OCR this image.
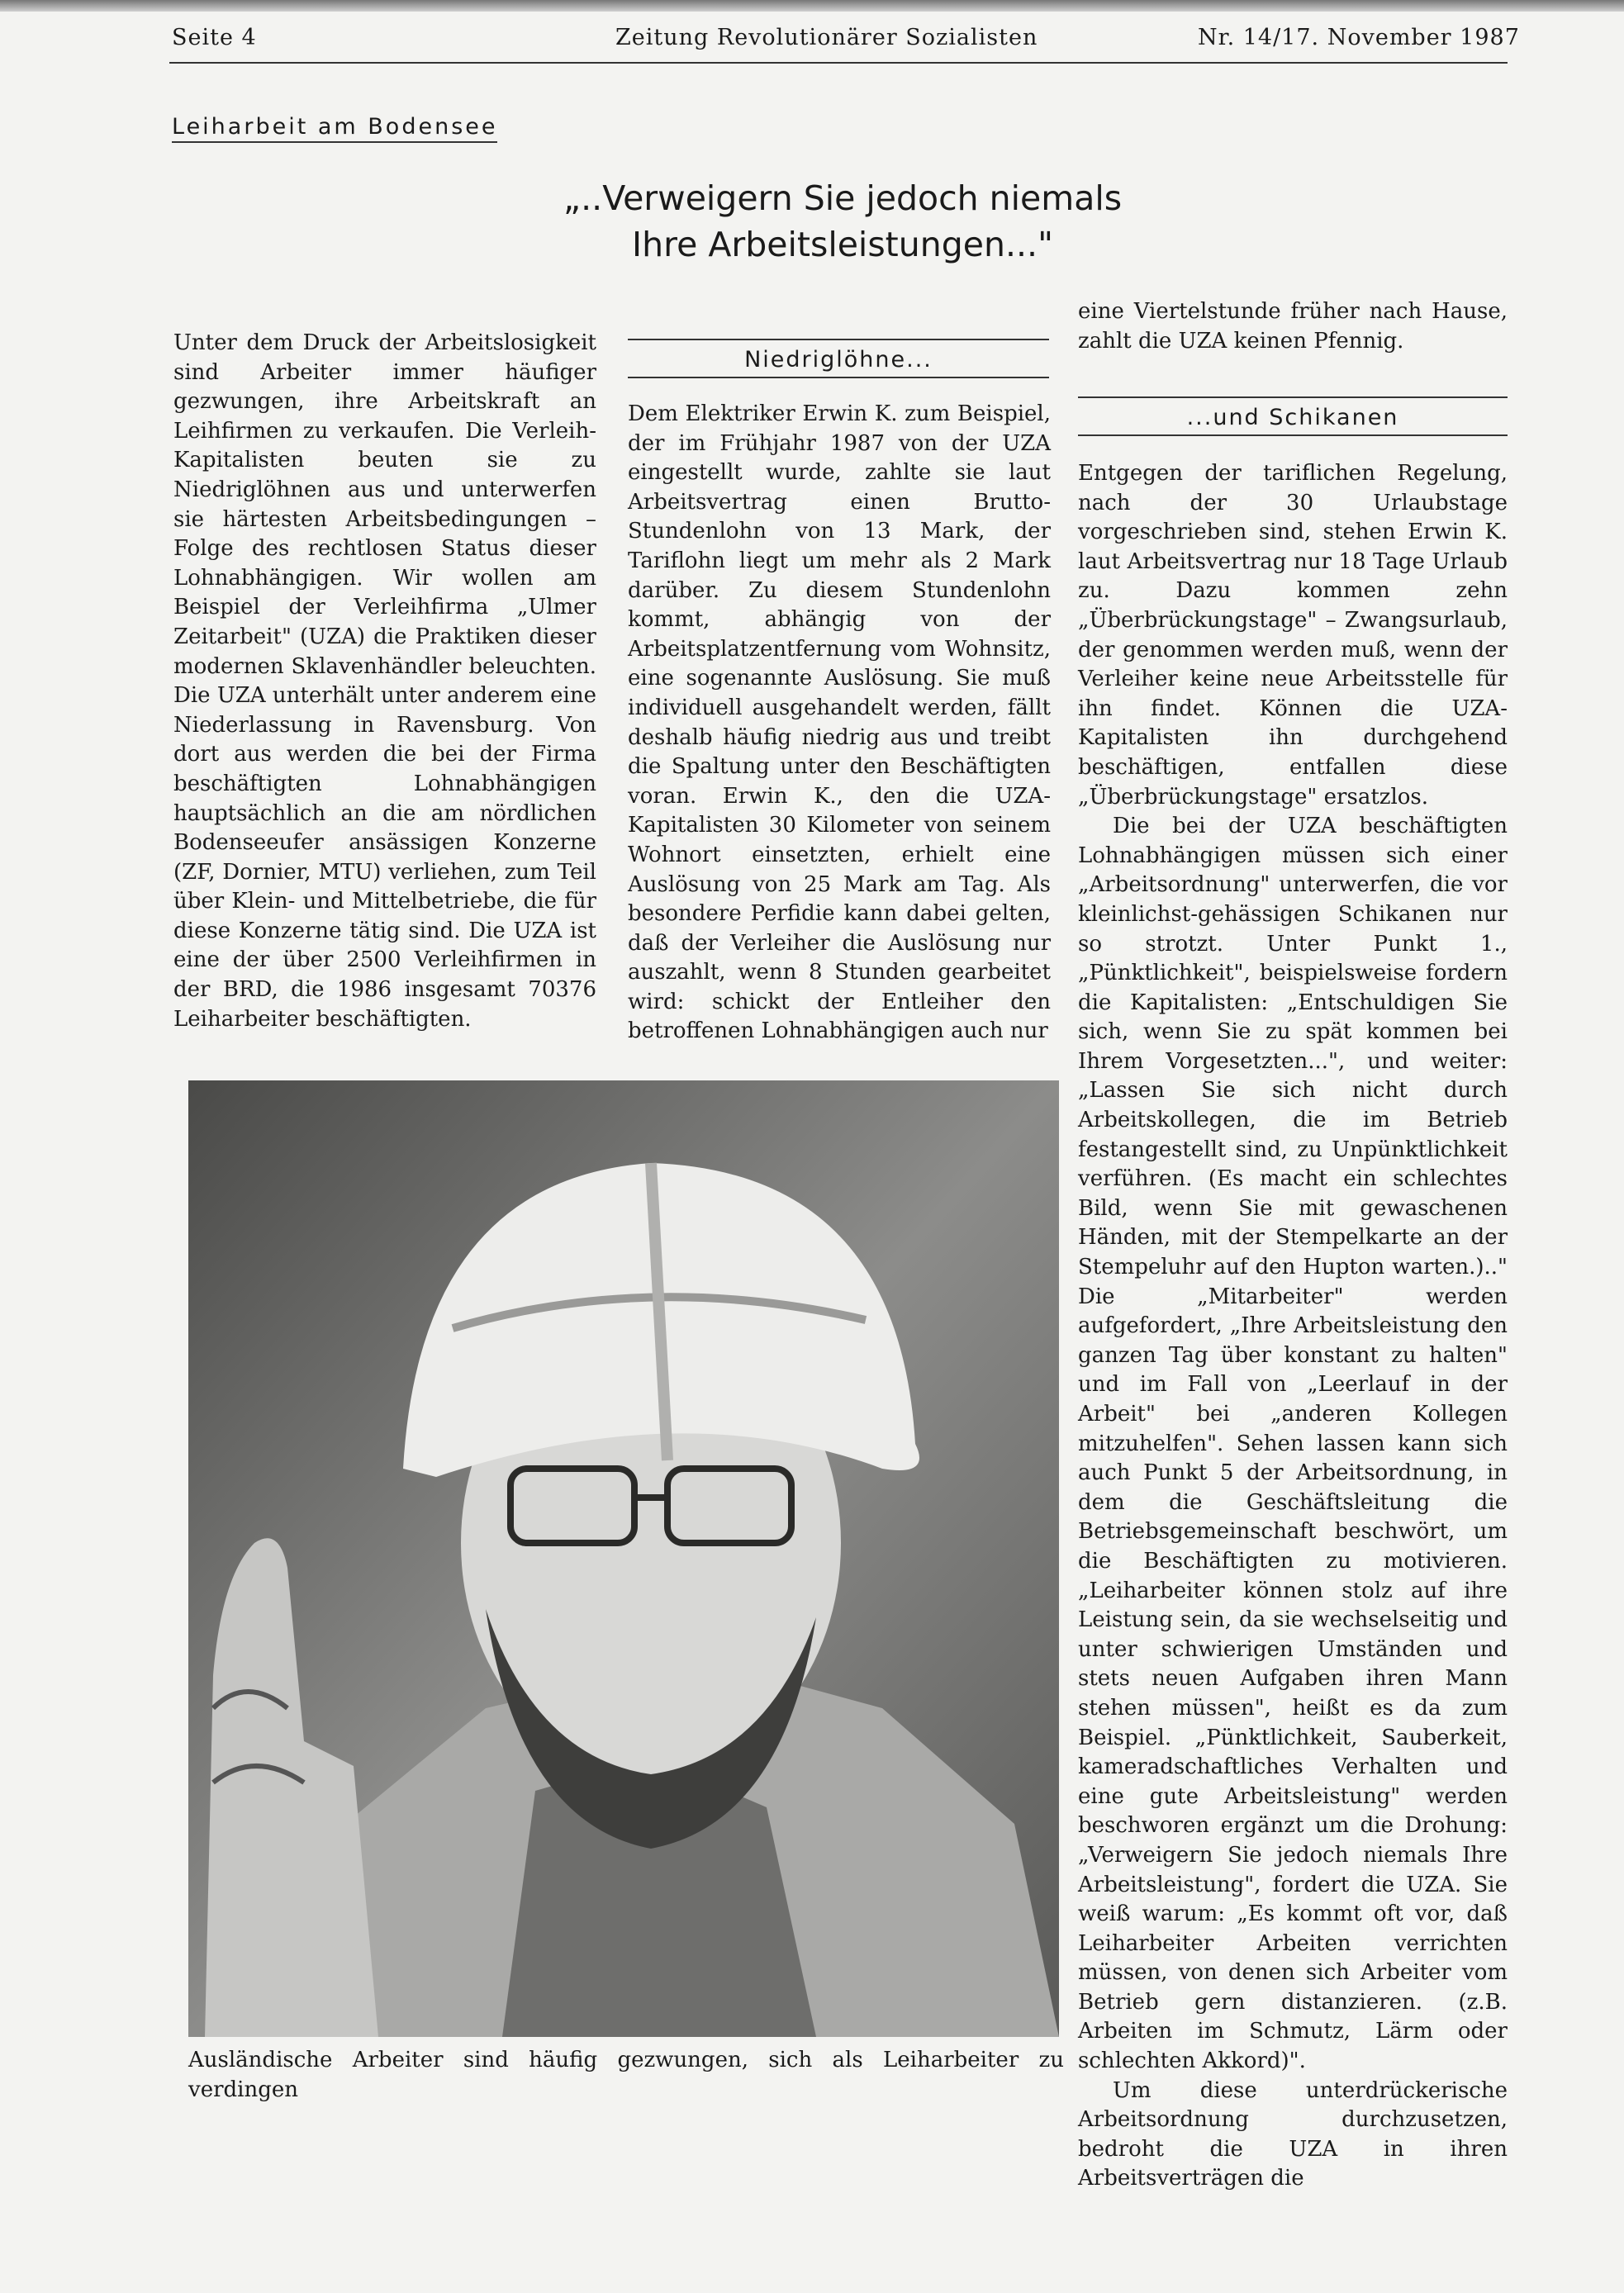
Seite 4	Zeitung Revolutionärer Sozialisten	Nr. 14/17. November 1987
Leiharbeit am Bodensee
„..Verweigern Sie jedoch niemals
Ihre Arbeitsleistungen..."

Unter dem Druck der Arbeitslosigkeit sind Arbeiter immer häufiger gezwungen, ihre Arbeitskraft an Leihfirmen zu verkaufen. Die Verleih-Kapitalisten beuten sie zu Niedriglöhnen aus und unterwerfen sie härtesten Arbeitsbedingungen – Folge des rechtlosen Status dieser Lohnabhängigen. Wir wollen am Beispiel der Verleihfirma „Ulmer Zeitarbeit" (UZA) die Praktiken dieser modernen Sklavenhändler beleuchten. Die UZA unterhält unter anderem eine Niederlassung in Ravensburg. Von dort aus werden die bei der Firma beschäftigten Lohnabhängigen hauptsächlich an die am nördlichen Bodenseeufer ansässigen Konzerne (ZF, Dornier, MTU) verliehen, zum Teil über Klein- und Mittelbetriebe, die für diese Konzerne tätig sind. Die UZA ist eine der über 2500 Verleihfirmen in der BRD, die 1986 insgesamt 70376 Leiharbeiter beschäftigten.

Niedriglöhne...

Dem Elektriker Erwin K. zum Beispiel, der im Frühjahr 1987 von der UZA eingestellt wurde, zahlte sie laut Arbeitsvertrag einen Brutto-Stundenlohn von 13 Mark, der Tariflohn liegt um mehr als 2 Mark darüber. Zu diesem Stundenlohn kommt, abhängig von der Arbeitsplatzentfernung vom Wohnsitz, eine sogenannte Auslösung. Sie muß individuell ausgehandelt werden, fällt deshalb häufig niedrig aus und treibt die Spaltung unter den Beschäftigten voran. Erwin K., den die UZA-Kapitalisten 30 Kilometer von seinem Wohnort einsetzten, erhielt eine Auslösung von 25 Mark am Tag. Als besondere Perfidie kann dabei gelten, daß der Verleiher die Auslösung nur auszahlt, wenn 8 Stunden gearbeitet wird: schickt der Entleiher den betroffenen Lohnabhängigen auch nur

eine Viertelstunde früher nach Hause, zahlt die UZA keinen Pfennig.

...und Schikanen

Entgegen der tariflichen Regelung, nach der 30 Urlaubstage vorgeschrieben sind, stehen Erwin K. laut Arbeitsvertrag nur 18 Tage Urlaub zu. Dazu kommen zehn „Überbrückungstage" – Zwangsurlaub, der genommen werden muß, wenn der Verleiher keine neue Arbeitsstelle für ihn findet. Können die UZA-Kapitalisten ihn durchgehend beschäftigen, entfallen diese „Überbrückungstage" ersatzlos.

Die bei der UZA beschäftigten Lohnabhängigen müssen sich einer „Arbeitsordnung" unterwerfen, die vor kleinlichst-gehässigen Schikanen nur so strotzt. Unter Punkt 1., „Pünktlichkeit", beispielsweise fordern die Kapitalisten: „Entschuldigen Sie sich, wenn Sie zu spät kommen bei Ihrem Vorgesetzten...", und weiter: „Lassen Sie sich nicht durch Arbeitskollegen, die im Betrieb festangestellt sind, zu Unpünktlichkeit verführen. (Es macht ein schlechtes Bild, wenn Sie mit gewaschenen Händen, mit der Stempelkarte an der Stempeluhr auf den Hupton warten.).." Die „Mitarbeiter" werden aufgefordert, „Ihre Arbeitsleistung den ganzen Tag über konstant zu halten" und im Fall von „Leerlauf in der Arbeit" bei „anderen Kollegen mitzuhelfen". Sehen lassen kann sich auch Punkt 5 der Arbeitsordnung, in dem die Geschäftsleitung die Betriebsgemeinschaft beschwört, um die Beschäftigten zu motivieren. „Leiharbeiter können stolz auf ihre Leistung sein, da sie wechselseitig und unter schwierigen Umständen und stets neuen Aufgaben ihren Mann stehen müssen", heißt es da zum Beispiel. „Pünktlichkeit, Sauberkeit, kameradschaftliches Verhalten und eine gute Arbeitsleistung" werden beschworen ergänzt um die Drohung: „Verweigern Sie jedoch niemals Ihre Arbeitsleistung", fordert die UZA. Sie weiß warum: „Es kommt oft vor, daß Leiharbeiter Arbeiten verrichten müssen, von denen sich Arbeiter vom Betrieb gern distanzieren. (z.B. Arbeiten im Schmutz, Lärm oder schlechten Akkord)".

Um diese unterdrückerische Arbeitsordnung durchzusetzen, bedroht die UZA in ihren Arbeitsverträgen die

Ausländische Arbeiter sind häufig gezwungen, sich als Leiharbeiter zu verdingen
